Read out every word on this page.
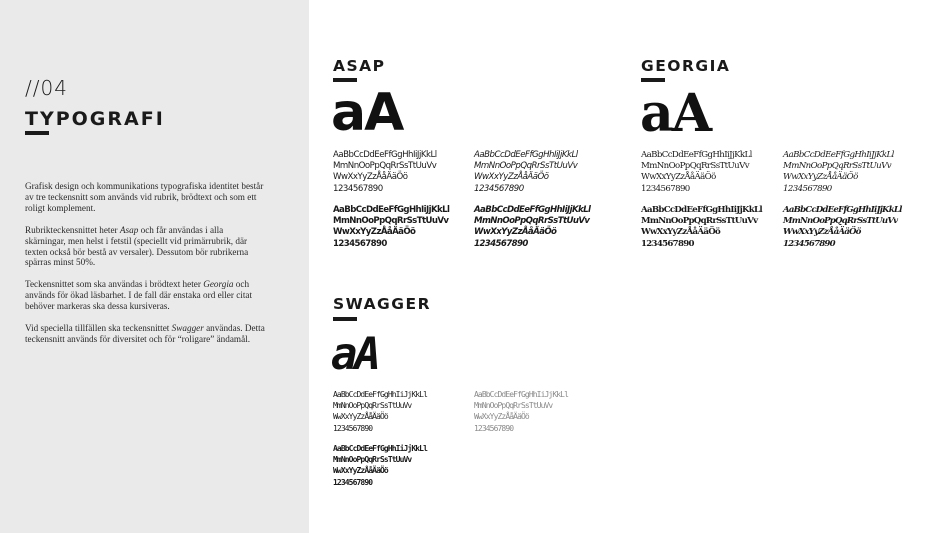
//04
TYPOGRAFI

Grafisk design och kommunikations typografiska identitet består av tre teckensnitt som används vid rubrik, brödtext och som ett roligt komplement.

Rubrikteckensnittet heter Asap och får användas i alla skärningar, men helst i fetstil (speciellt vid primärrubrik, där texten också bör bestå av versaler). Dessutom bör rubrikerna spärras minst 50%.

Teckensnittet som ska användas i brödtext heter Georgia och används för ökad läsbarhet. I de fall där enstaka ord eller citat behöver markeras ska dessa kursiveras.

Vid speciella tillfällen ska teckensnittet Swagger användas. Detta teckensnitt används för diversitet och för “roligare” ändamål.

ASAP
aA
AaBbCcDdEeFfGgHhIiJjKkLl
MmNnOoPpQqRrSsTtUuVv
WwXxYyZzÅåÄäÖö
1234567890
AaBbCcDdEeFfGgHhIiJjKkLl
MmNnOoPpQqRrSsTtUuVv
WwXxYyZzÅåÄäÖö
1234567890
AaBbCcDdEeFfGgHhIiJjKkLl
MmNnOoPpQqRrSsTtUuVv
WwXxYyZzÅåÄäÖö
1234567890
AaBbCcDdEeFfGgHhIiJjKkLl
MmNnOoPpQqRrSsTtUuVv
WwXxYyZzÅåÄäÖö
1234567890
GEORGIA
aA
AaBbCcDdEeFfGgHhIiJjKkLl
MmNnOoPpQqRrSsTtUuVv
WwXxYyZzÅåÄäÖö
1234567890
AaBbCcDdEeFfGgHhIiJjKkLl
MmNnOoPpQqRrSsTtUuVv
WwXxYyZzÅåÄäÖö
1234567890
AaBbCcDdEeFfGgHhIiJjKkLl
MmNnOoPpQqRrSsTtUuVv
WwXxYyZzÅåÄäÖö
1234567890
AaBbCcDdEeFfGgHhIiJjKkLl
MmNnOoPpQqRrSsTtUuVv
WwXxYyZzÅåÄäÖö
1234567890
SWAGGER
aA
AaBbCcDdEeFfGgHhIiJjKkLl
MmNnOoPpQqRrSsTtUuVv
WwXxYyZzÅåÄäÖö
1234567890
AaBbCcDdEeFfGgHhIiJjKkLl
MmNnOoPpQqRrSsTtUuVv
WwXxYyZzÅåÄäÖö
1234567890
AaBbCcDdEeFfGgHhIiJjKkLl
MmNnOoPpQqRrSsTtUuVv
WwXxYyZzÅåÄäÖö
1234567890
